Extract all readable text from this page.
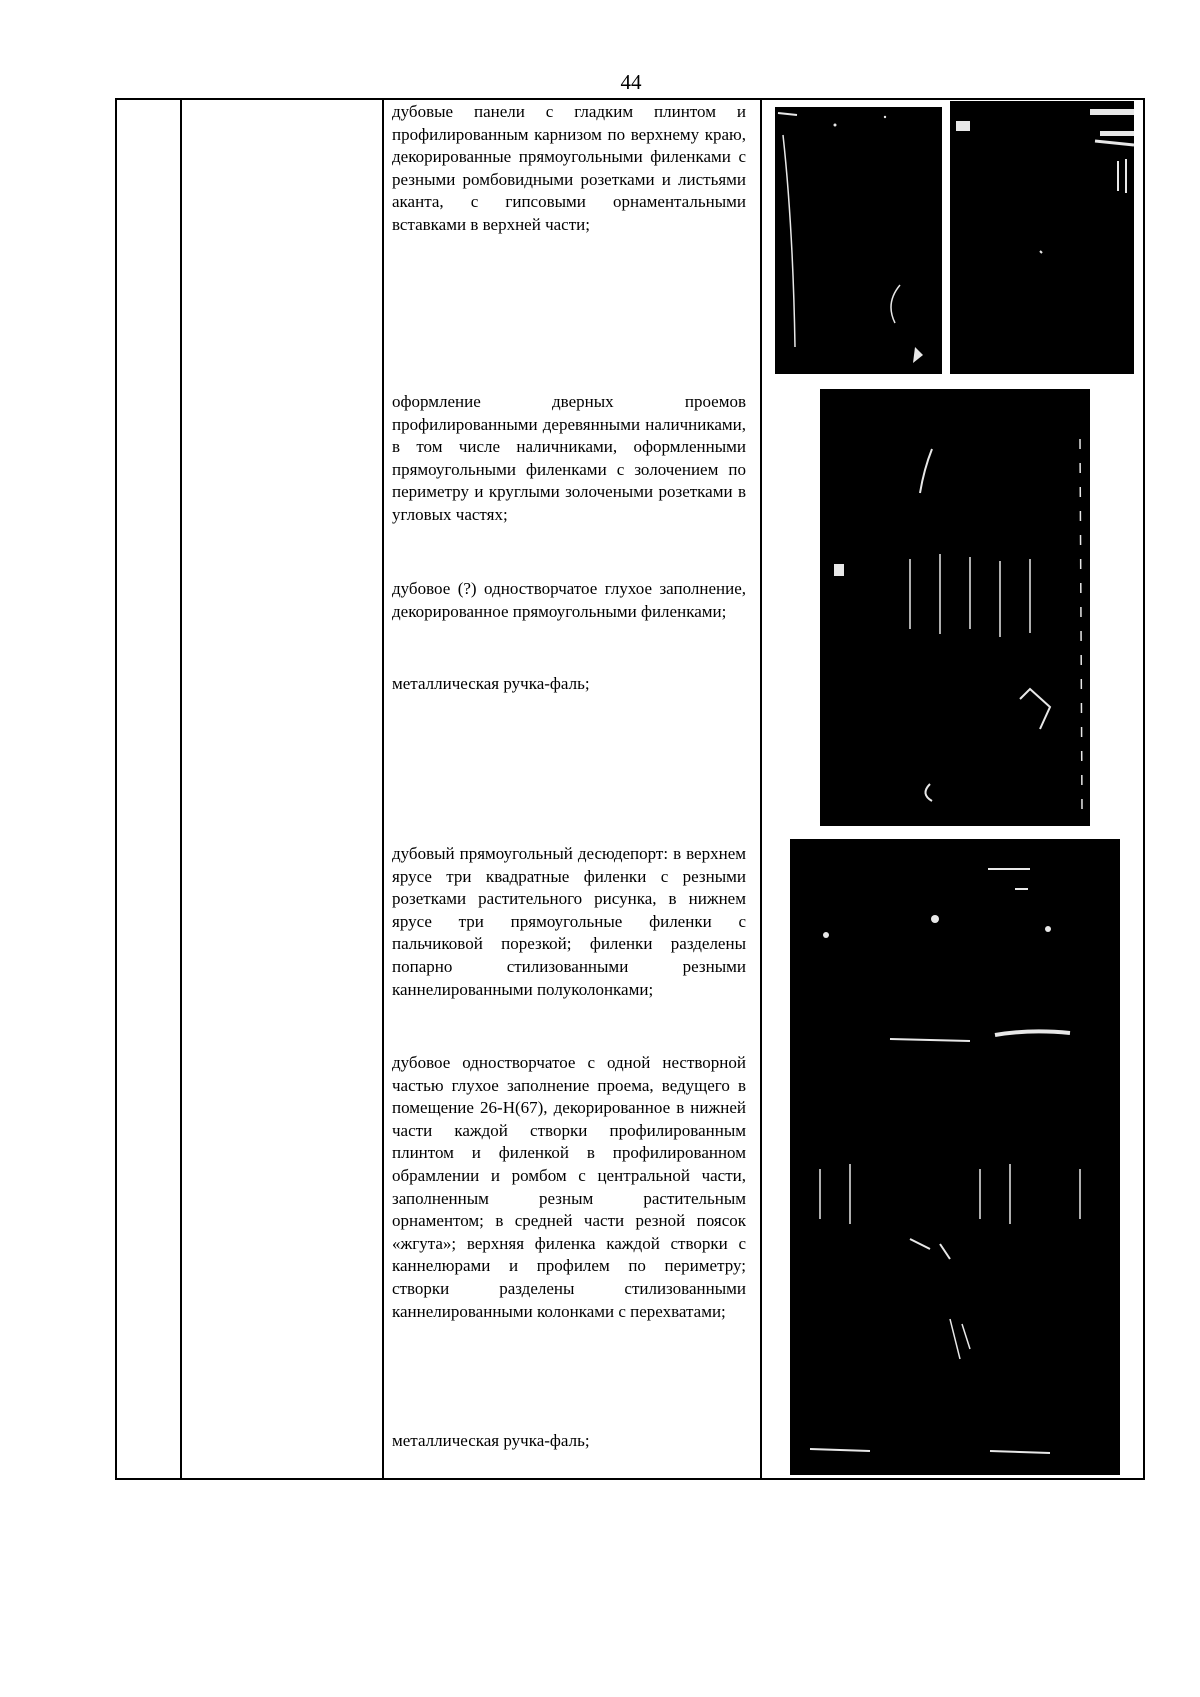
44
дубовые панели с гладким плинтом и профилированным карнизом по верхнему краю, декорированные прямоугольными филенками с резными ромбовидными розетками и листьями аканта, с гипсовыми орнаментальными вставками в верхней части;
оформление дверных проемов профилированными деревянными наличниками, в том числе наличниками, оформленными прямоугольными филенками с золочением по периметру и круглыми золочеными розетками в угловых частях;
дубовое (?) одностворчатое глухое заполнение, декорированное прямоугольными филенками;
металлическая ручка-фаль;
дубовый прямоугольный десюдепорт: в верхнем ярусе три квадратные филенки с резными розетками растительного рисунка, в нижнем ярусе три прямоугольные филенки с пальчиковой порезкой; филенки разделены попарно стилизованными резными каннелированными полуколонками;
дубовое одностворчатое с одной нестворной частью глухое заполнение проема, ведущего в помещение 26-Н(67), декорированное в нижней части каждой створки профилированным плинтом и филенкой в профилированном обрамлении и ромбом с центральной части, заполненным резным растительным орнаментом; в средней части резной поясок «жгута»; верхняя филенка каждой створки с каннелюрами и профилем по периметру; створки разделены стилизованными каннелированными колонками с перехватами;
металлическая ручка-фаль;
